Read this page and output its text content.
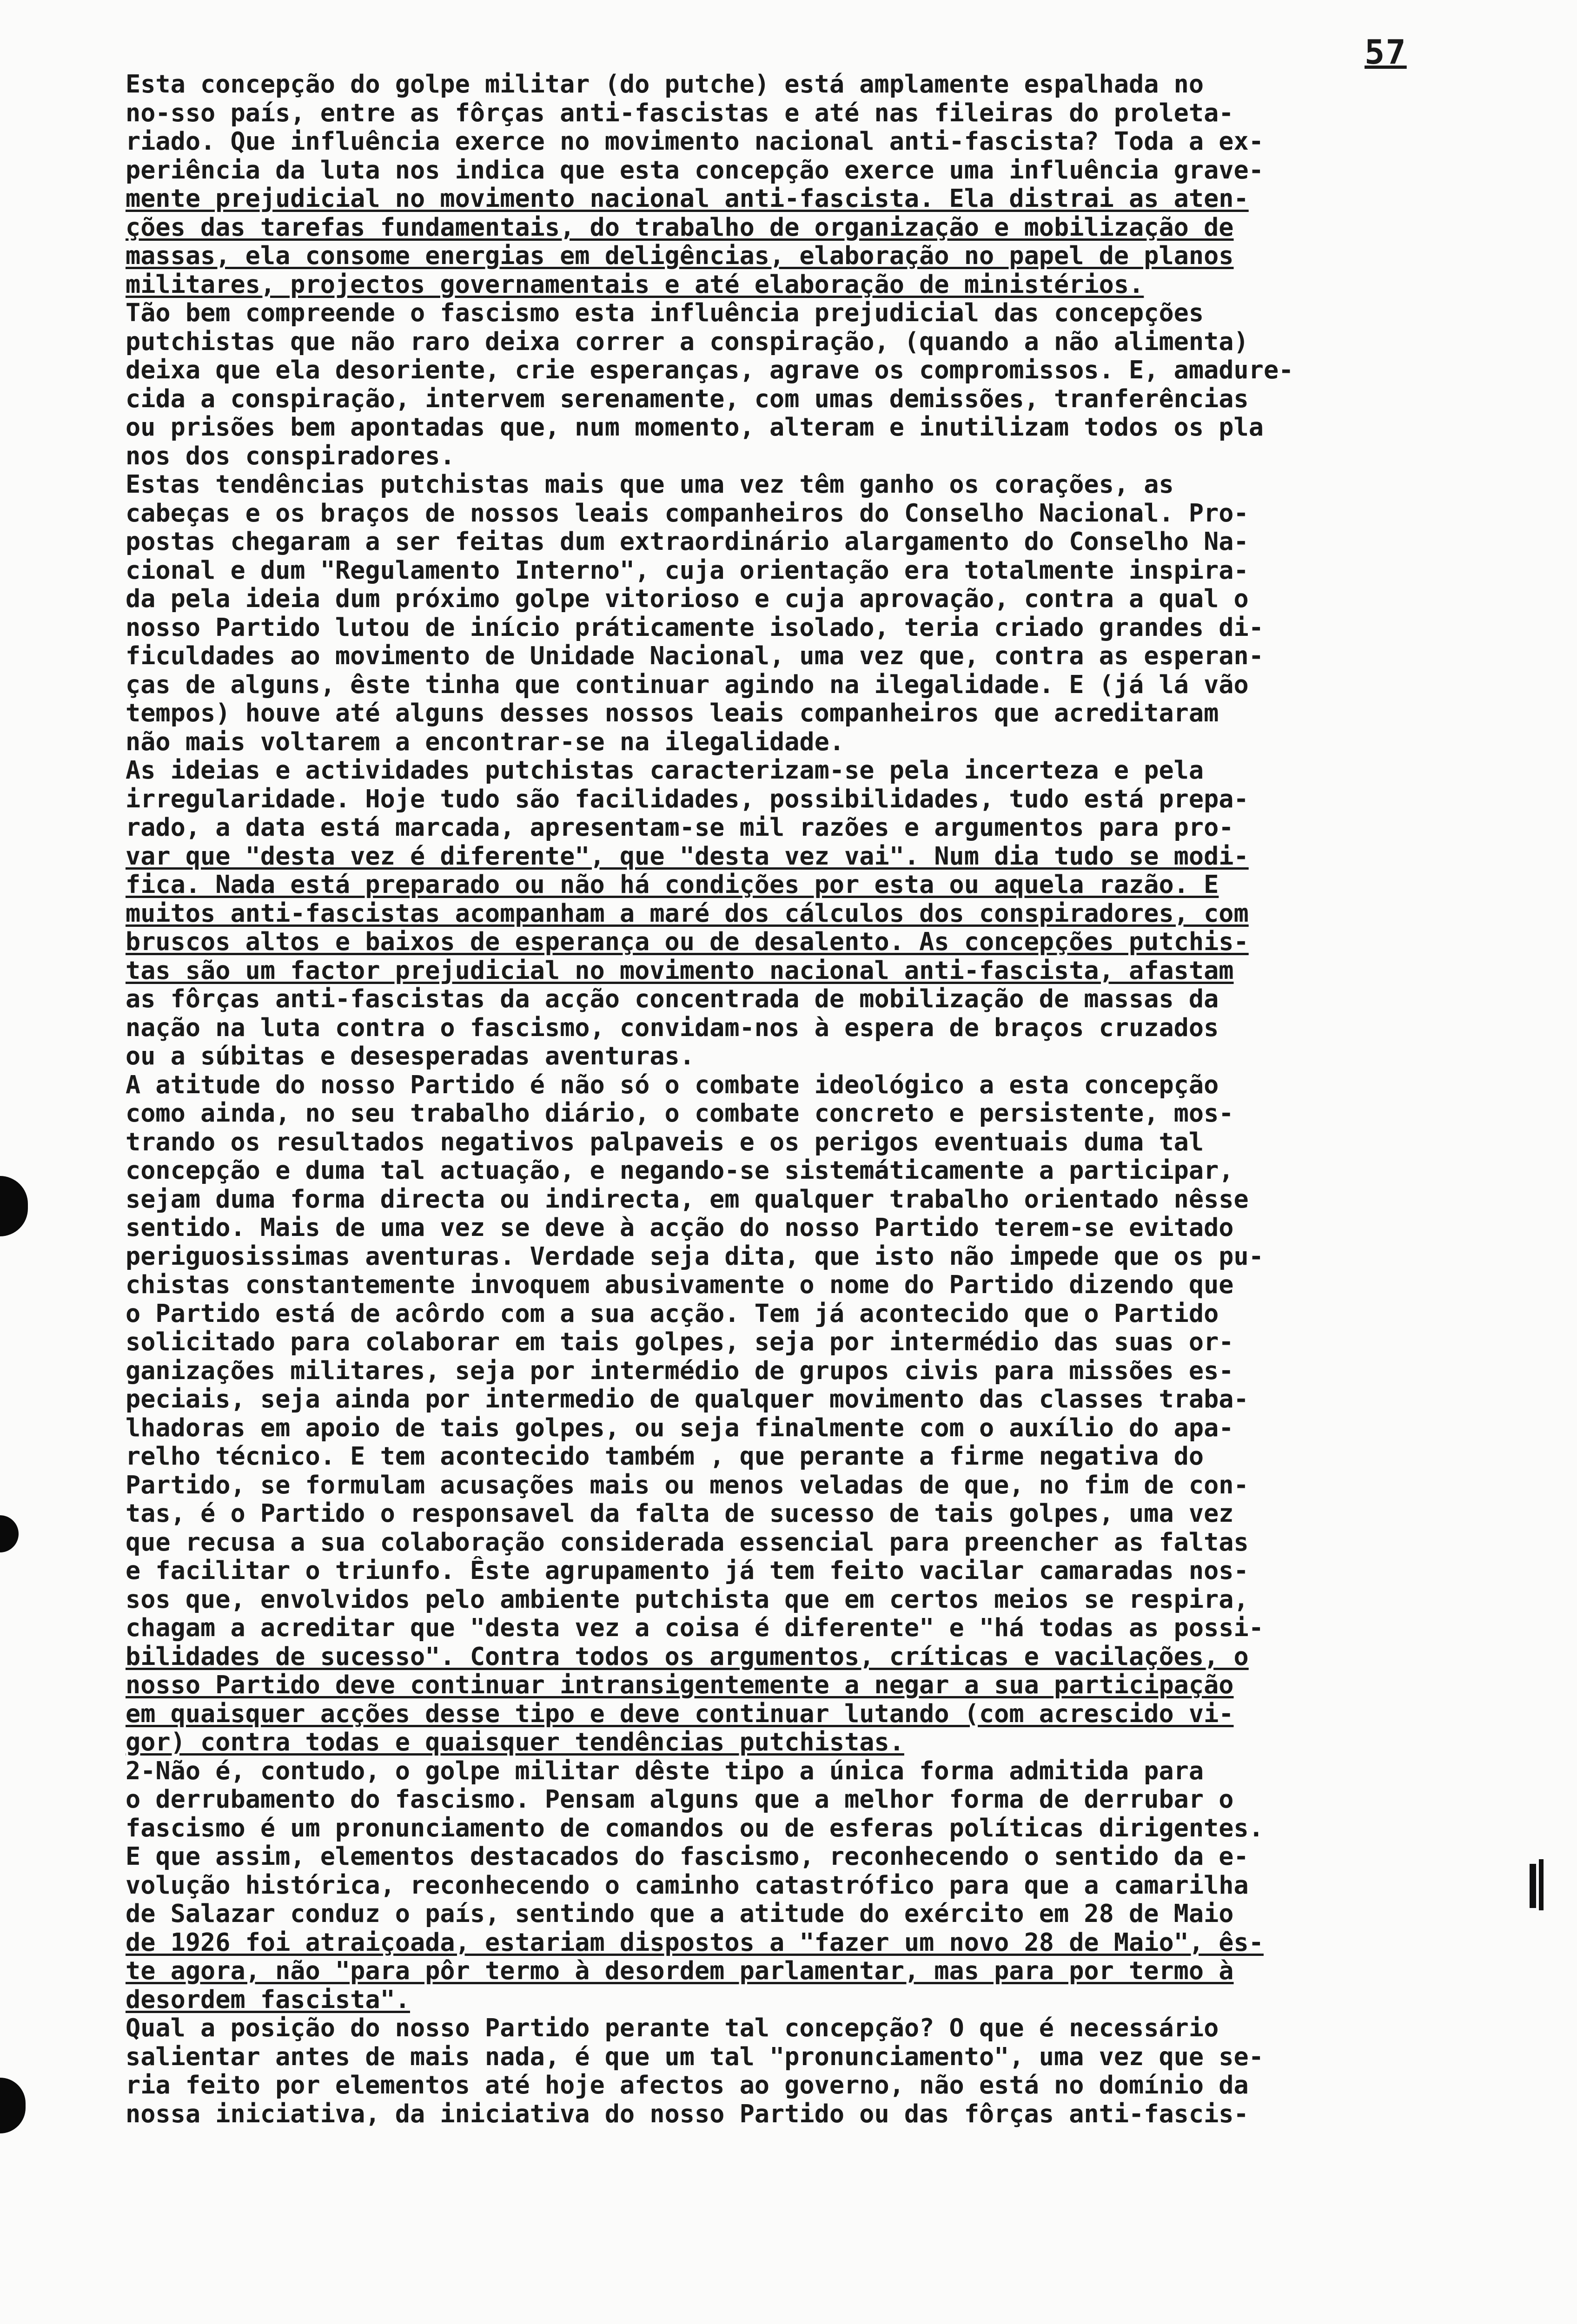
57
Esta concepção do golpe militar (do putche) está amplamente espalhada no
no-sso país, entre as fôrças anti-fascistas e até nas fileiras do proleta-
riado. Que influência exerce no movimento nacional anti-fascista? Toda a ex-
periência da luta nos indica que esta concepção exerce uma influência grave-
mente prejudicial no movimento nacional anti-fascista. Ela distrai as aten-
ções das tarefas fundamentais, do trabalho de organização e mobilização de
massas, ela consome energias em deligências, elaboração no papel de planos
militares, projectos governamentais e até elaboração de ministérios.
Tão bem compreende o fascismo esta influência prejudicial das concepções
putchistas que não raro deixa correr a conspiração, (quando a não alimenta)
deixa que ela desoriente, crie esperanças, agrave os compromissos. E, amadure-
cida a conspiração, intervem serenamente, com umas demissões, tranferências
ou prisões bem apontadas que, num momento, alteram e inutilizam todos os pla
nos dos conspiradores.
Estas tendências putchistas mais que uma vez têm ganho os corações, as
cabeças e os braços de nossos leais companheiros do Conselho Nacional. Pro-
postas chegaram a ser feitas dum extraordinário alargamento do Conselho Na-
cional e dum "Regulamento Interno", cuja orientação era totalmente inspira-
da pela ideia dum próximo golpe vitorioso e cuja aprovação, contra a qual o
nosso Partido lutou de início práticamente isolado, teria criado grandes di-
ficuldades ao movimento de Unidade Nacional, uma vez que, contra as esperan-
ças de alguns, êste tinha que continuar agindo na ilegalidade. E (já lá vão
tempos) houve até alguns desses nossos leais companheiros que acreditaram
não mais voltarem a encontrar-se na ilegalidade.
As ideias e actividades putchistas caracterizam-se pela incerteza e pela
irregularidade. Hoje tudo são facilidades, possibilidades, tudo está prepa-
rado, a data está marcada, apresentam-se mil razões e argumentos para pro-
var que "desta vez é diferente", que "desta vez vai". Num dia tudo se modi-
fica. Nada está preparado ou não há condições por esta ou aquela razão. E
muitos anti-fascistas acompanham a maré dos cálculos dos conspiradores, com
bruscos altos e baixos de esperança ou de desalento. As concepções putchis-
tas são um factor prejudicial no movimento nacional anti-fascista, afastam
as fôrças anti-fascistas da acção concentrada de mobilização de massas da
nação na luta contra o fascismo, convidam-nos à espera de braços cruzados
ou a súbitas e desesperadas aventuras.
A atitude do nosso Partido é não só o combate ideológico a esta concepção
como ainda, no seu trabalho diário, o combate concreto e persistente, mos-
trando os resultados negativos palpaveis e os perigos eventuais duma tal
concepção e duma tal actuação, e negando-se sistemáticamente a participar,
sejam duma forma directa ou indirecta, em qualquer trabalho orientado nêsse
sentido. Mais de uma vez se deve à acção do nosso Partido terem-se evitado
periguosissimas aventuras. Verdade seja dita, que isto não impede que os pu-
chistas constantemente invoquem abusivamente o nome do Partido dizendo que
o Partido está de acôrdo com a sua acção. Tem já acontecido que o Partido
solicitado para colaborar em tais golpes, seja por intermédio das suas or-
ganizações militares, seja por intermédio de grupos civis para missões es-
peciais, seja ainda por intermedio de qualquer movimento das classes traba-
lhadoras em apoio de tais golpes, ou seja finalmente com o auxílio do apa-
relho técnico. E tem acontecido também , que perante a firme negativa do
Partido, se formulam acusações mais ou menos veladas de que, no fim de con-
tas, é o Partido o responsavel da falta de sucesso de tais golpes, uma vez
que recusa a sua colaboração considerada essencial para preencher as faltas
e facilitar o triunfo. Êste agrupamento já tem feito vacilar camaradas nos-
sos que, envolvidos pelo ambiente putchista que em certos meios se respira,
chagam a acreditar que "desta vez a coisa é diferente" e "há todas as possi-
bilidades de sucesso". Contra todos os argumentos, críticas e vacilações, o
nosso Partido deve continuar intransigentemente a negar a sua participação
em quaisquer acções desse tipo e deve continuar lutando (com acrescido vi-
gor) contra todas e quaisquer tendências putchistas.
2-Não é, contudo, o golpe militar dêste tipo a única forma admitida para
o derrubamento do fascismo. Pensam alguns que a melhor forma de derrubar o
fascismo é um pronunciamento de comandos ou de esferas políticas dirigentes.
E que assim, elementos destacados do fascismo, reconhecendo o sentido da e-
volução histórica, reconhecendo o caminho catastrófico para que a camarilha
de Salazar conduz o país, sentindo que a atitude do exército em 28 de Maio
de 1926 foi atraiçoada, estariam dispostos a "fazer um novo 28 de Maio", ês-
te agora, não "para pôr termo à desordem parlamentar, mas para por termo à
desordem fascista".
Qual a posição do nosso Partido perante tal concepção? O que é necessário
salientar antes de mais nada, é que um tal "pronunciamento", uma vez que se-
ria feito por elementos até hoje afectos ao governo, não está no domínio da
nossa iniciativa, da iniciativa do nosso Partido ou das fôrças anti-fascis-
